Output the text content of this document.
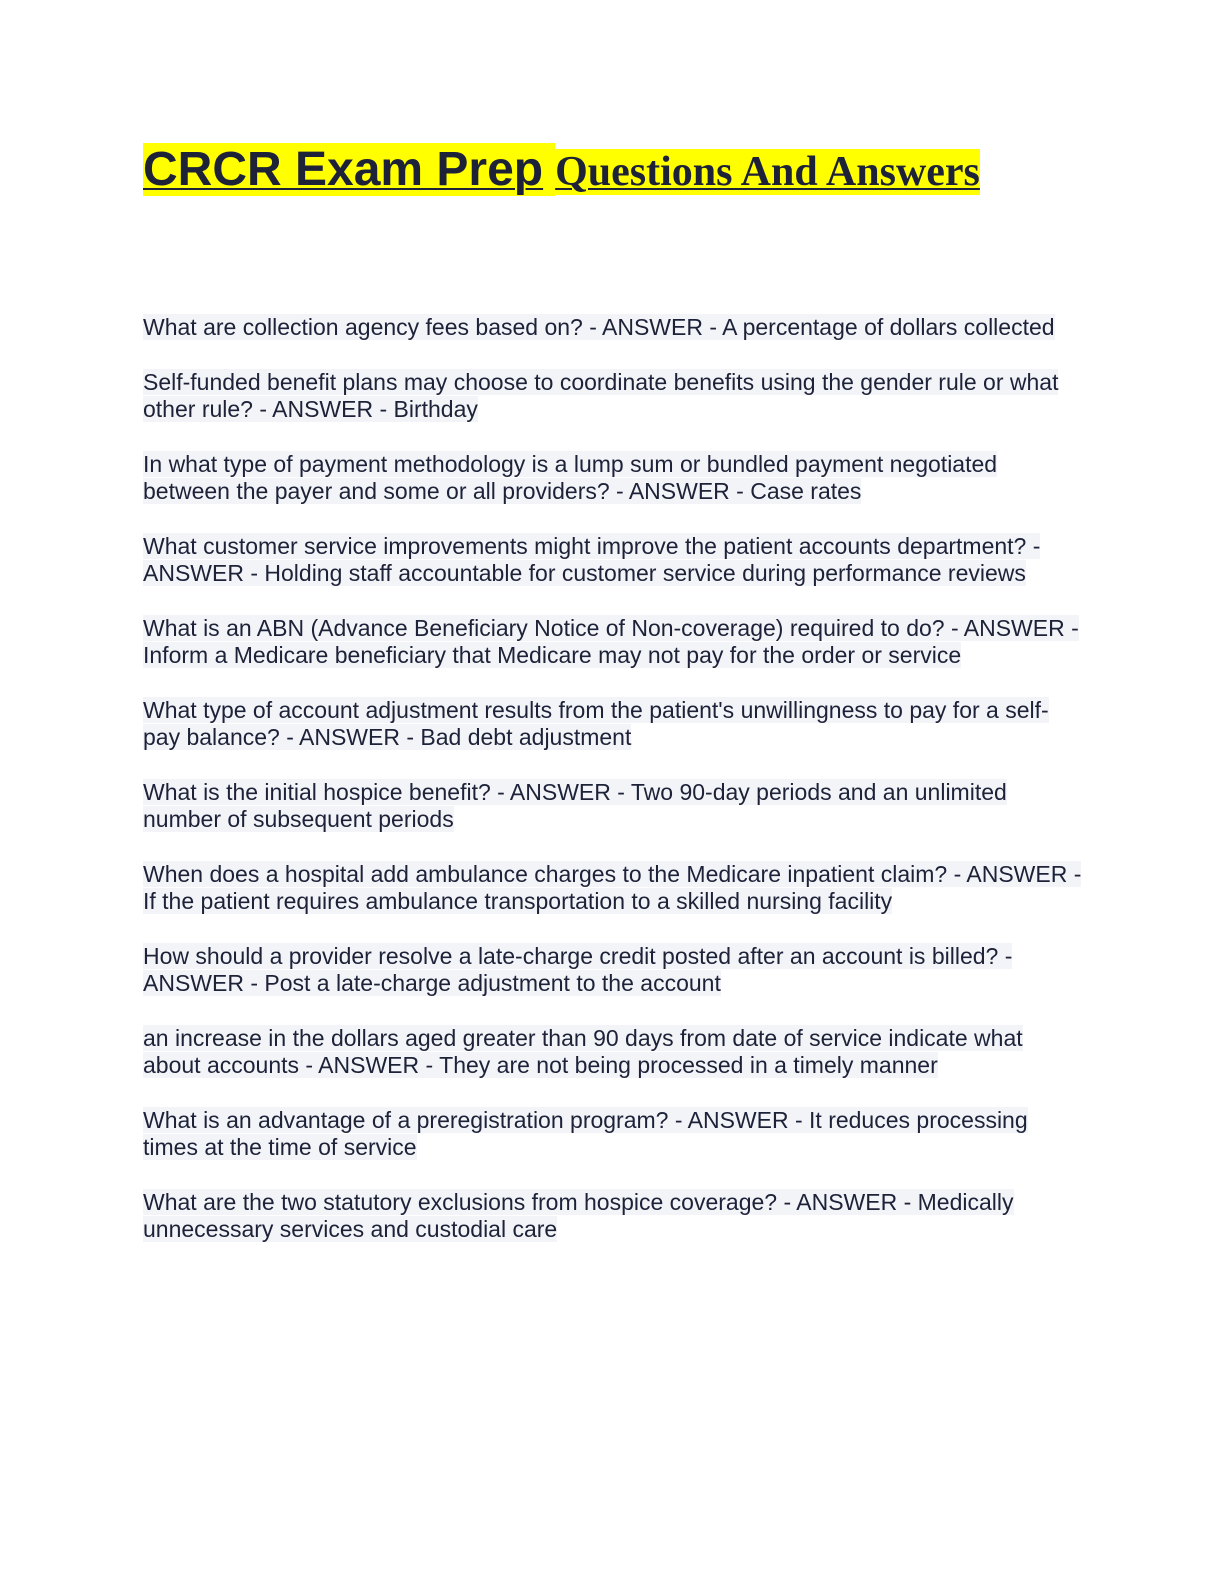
CRCR Exam Prep Questions And Answers

What are collection agency fees based on? - ANSWER - A percentage of dollars collected

Self-funded benefit plans may choose to coordinate benefits using the gender rule or what other rule? - ANSWER - Birthday

In what type of payment methodology is a lump sum or bundled payment negotiated between the payer and some or all providers? - ANSWER - Case rates

What customer service improvements might improve the patient accounts department? - ANSWER - Holding staff accountable for customer service during performance reviews

What is an ABN (Advance Beneficiary Notice of Non-coverage) required to do? - ANSWER - Inform a Medicare beneficiary that Medicare may not pay for the order or service

What type of account adjustment results from the patient's unwillingness to pay for a self-pay balance? - ANSWER - Bad debt adjustment

What is the initial hospice benefit? - ANSWER - Two 90-day periods and an unlimited number of subsequent periods

When does a hospital add ambulance charges to the Medicare inpatient claim? - ANSWER - If the patient requires ambulance transportation to a skilled nursing facility

How should a provider resolve a late-charge credit posted after an account is billed? - ANSWER - Post a late-charge adjustment to the account

an increase in the dollars aged greater than 90 days from date of service indicate what about accounts - ANSWER - They are not being processed in a timely manner

What is an advantage of a preregistration program? - ANSWER - It reduces processing times at the time of service

What are the two statutory exclusions from hospice coverage? - ANSWER - Medically unnecessary services and custodial care
